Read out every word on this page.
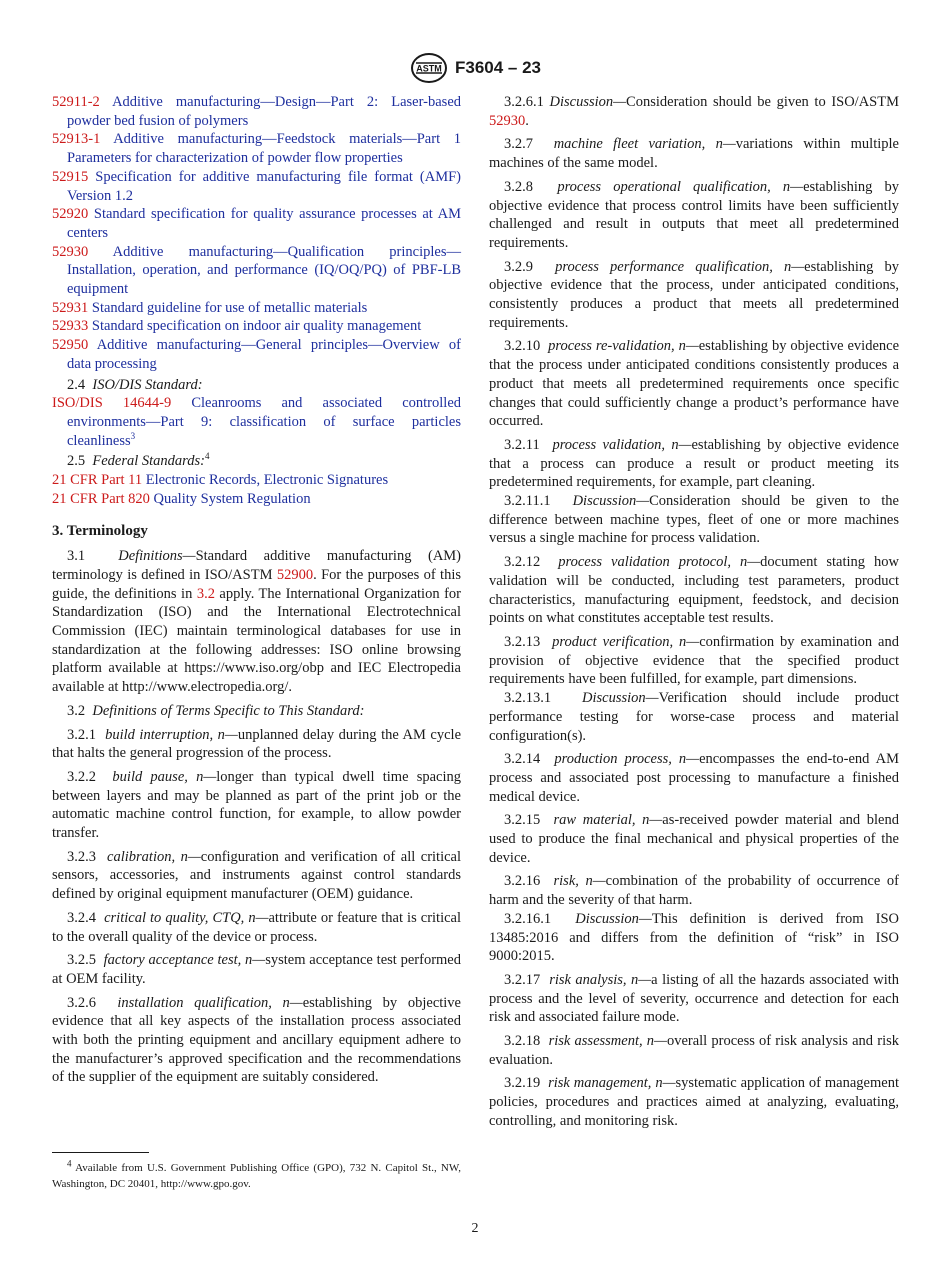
ASTM F3604 – 23

52911-2 Additive manufacturing—Design—Part 2: Laser-based powder bed fusion of polymers

52913-1 Additive manufacturing—Feedstock materials—Part 1 Parameters for characterization of powder flow properties

52915 Specification for additive manufacturing file format (AMF) Version 1.2

52920 Standard specification for quality assurance processes at AM centers

52930 Additive manufacturing—Qualification principles—Installation, operation, and performance (IQ/OQ/PQ) of PBF-LB equipment

52931 Standard guideline for use of metallic materials

52933 Standard specification on indoor air quality management

52950 Additive manufacturing—General principles—Overview of data processing

2.4 ISO/DIS Standard:

ISO/DIS 14644-9 Cleanrooms and associated controlled environments—Part 9: classification of surface particles cleanliness$^3$

2.5 Federal Standards:$^4$

21 CFR Part 11 Electronic Records, Electronic Signatures

21 CFR Part 820 Quality System Regulation

3. Terminology

3.1 Definitions—Standard additive manufacturing (AM) terminology is defined in ISO/ASTM 52900. For the purposes of this guide, the definitions in 3.2 apply. The International Organization for Standardization (ISO) and the International Electrotechnical Commission (IEC) maintain terminological databases for use in standardization at the following addresses: ISO online browsing platform available at https://www.iso.org/obp and IEC Electropedia available at http://www.electropedia.org/.

3.2 Definitions of Terms Specific to This Standard:

3.2.1 build interruption, n—unplanned delay during the AM cycle that halts the general progression of the process.

3.2.2 build pause, n—longer than typical dwell time spacing between layers and may be planned as part of the print job or the automatic machine control function, for example, to allow powder transfer.

3.2.3 calibration, n—configuration and verification of all critical sensors, accessories, and instruments against control standards defined by original equipment manufacturer (OEM) guidance.

3.2.4 critical to quality, CTQ, n—attribute or feature that is critical to the overall quality of the device or process.

3.2.5 factory acceptance test, n—system acceptance test performed at OEM facility.

3.2.6 installation qualification, n—establishing by objective evidence that all key aspects of the installation process associated with both the printing equipment and ancillary equipment adhere to the manufacturer’s approved specification and the recommendations of the supplier of the equipment are suitably considered.

3.2.6.1 Discussion—Consideration should be given to ISO/ASTM 52930.

3.2.7 machine fleet variation, n—variations within multiple machines of the same model.

3.2.8 process operational qualification, n—establishing by objective evidence that process control limits have been sufficiently challenged and result in outputs that meet all predetermined requirements.

3.2.9 process performance qualification, n—establishing by objective evidence that the process, under anticipated conditions, consistently produces a product that meets all predetermined requirements.

3.2.10 process re-validation, n—establishing by objective evidence that the process under anticipated conditions consistently produces a product that meets all predetermined requirements once specific changes that could sufficiently change a product’s performance have occurred.

3.2.11 process validation, n—establishing by objective evidence that a process can produce a result or product meeting its predetermined requirements, for example, part cleaning.

3.2.11.1 Discussion—Consideration should be given to the difference between machine types, fleet of one or more machines versus a single machine for process validation.

3.2.12 process validation protocol, n—document stating how validation will be conducted, including test parameters, product characteristics, manufacturing equipment, feedstock, and decision points on what constitutes acceptable test results.

3.2.13 product verification, n—confirmation by examination and provision of objective evidence that the specified product requirements have been fulfilled, for example, part dimensions.

3.2.13.1 Discussion—Verification should include product performance testing for worse-case process and material configuration(s).

3.2.14 production process, n—encompasses the end-to-end AM process and associated post processing to manufacture a finished medical device.

3.2.15 raw material, n—as-received powder material and blend used to produce the final mechanical and physical properties of the device.

3.2.16 risk, n—combination of the probability of occurrence of harm and the severity of that harm.

3.2.16.1 Discussion—This definition is derived from ISO 13485:2016 and differs from the definition of “risk” in ISO 9000:2015.

3.2.17 risk analysis, n—a listing of all the hazards associated with process and the level of severity, occurrence and detection for each risk and associated failure mode.

3.2.18 risk assessment, n—overall process of risk analysis and risk evaluation.

3.2.19 risk management, n—systematic application of management policies, procedures and practices aimed at analyzing, evaluating, controlling, and monitoring risk.

$^4$ Available from U.S. Government Publishing Office (GPO), 732 N. Capitol St., NW, Washington, DC 20401, http://www.gpo.gov.

2
